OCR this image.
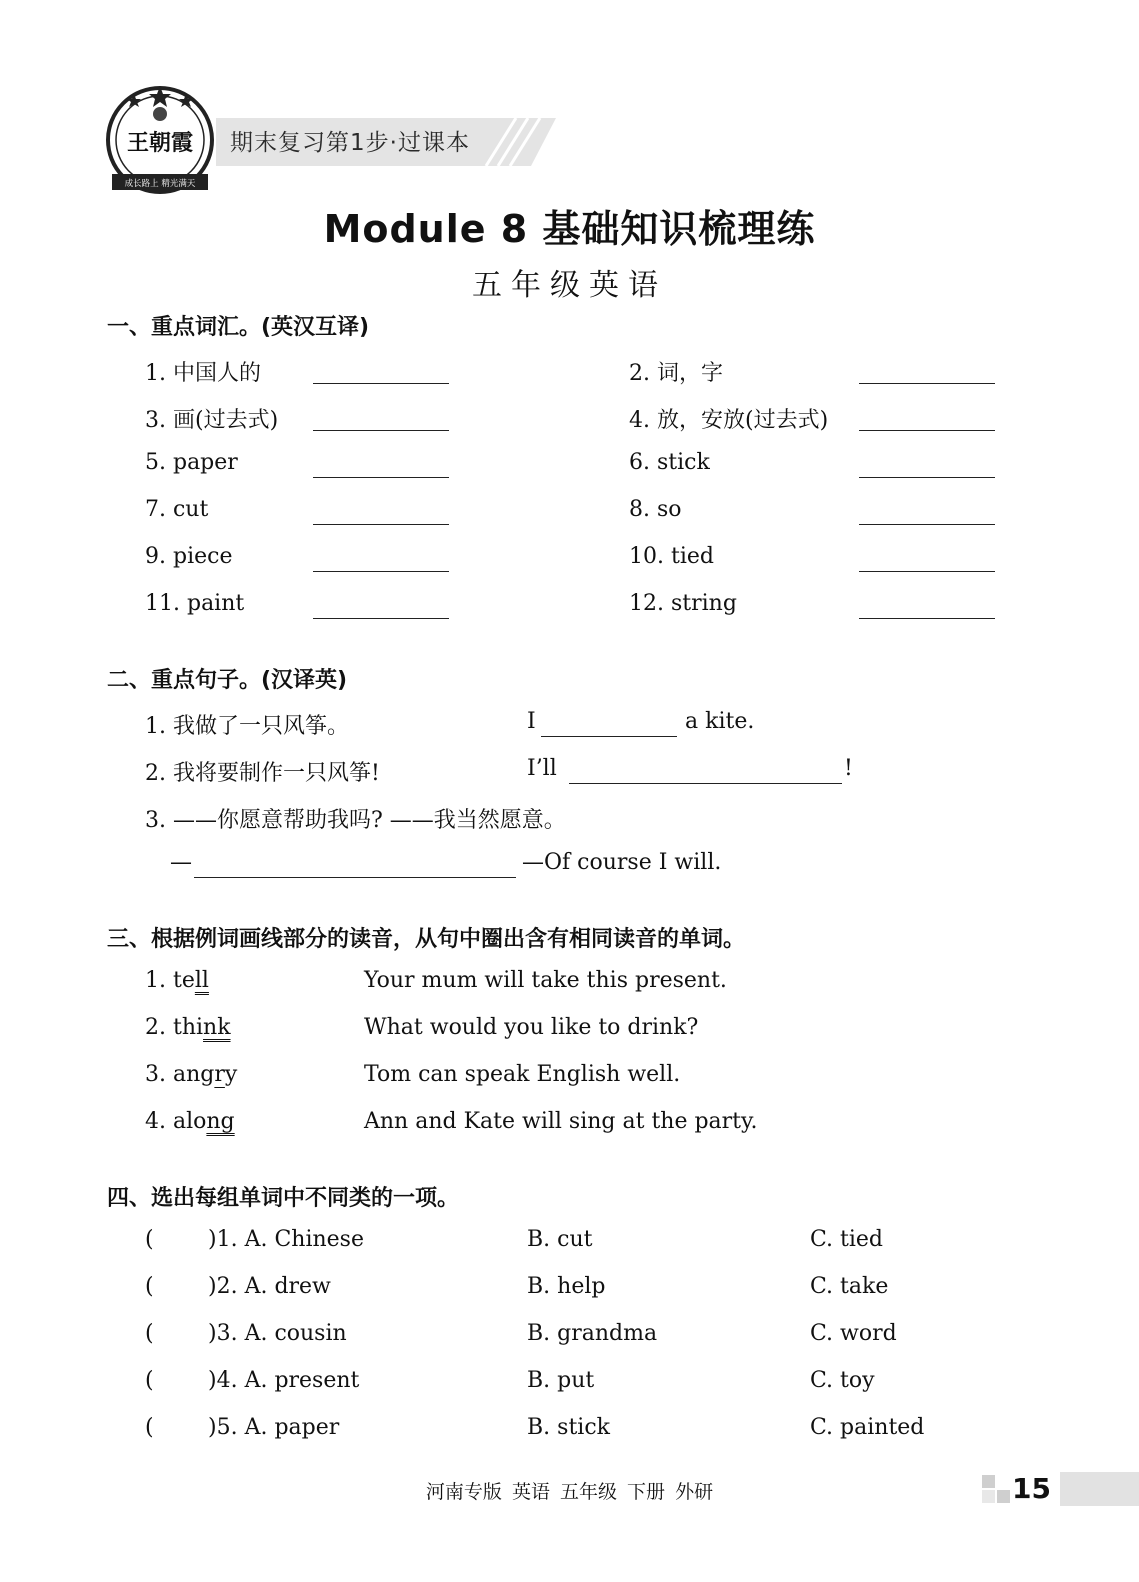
王朝霞
成长路上 精光满天
期末复习第1步·过课本
Module 8 基础知识梳理练
五年级英语
一、重点词汇。(英汉互译)
1. 中国人的	2. 词，字
3. 画(过去式)	4. 放，安放(过去式)
5. paper	6. stick
7. cut	8. so
9. piece	10. tied
11. paint	12. string
二、重点句子。(汉译英)
1. 我做了一只风筝。	I	a kite.
2. 我将要制作一只风筝!	I’ll	!
3. ——你愿意帮助我吗? ——我当然愿意。
—	—Of course I will.
三、根据例词画线部分的读音，从句中圈出含有相同读音的单词。
1. tell	Your mum will take this present.
2. think	What would you like to drink?
3. angry	Tom can speak English well.
4. along	Ann and Kate will sing at the party.
四、选出每组单词中不同类的一项。
( )1. A. Chinese	B. cut	C. tied
( )2. A. drew	B. help	C. take
( )3. A. cousin	B. grandma	C. word
( )4. A. present	B. put	C. toy
( )5. A. paper	B. stick	C. painted
河南专版 英语 五年级 下册 外研	15
